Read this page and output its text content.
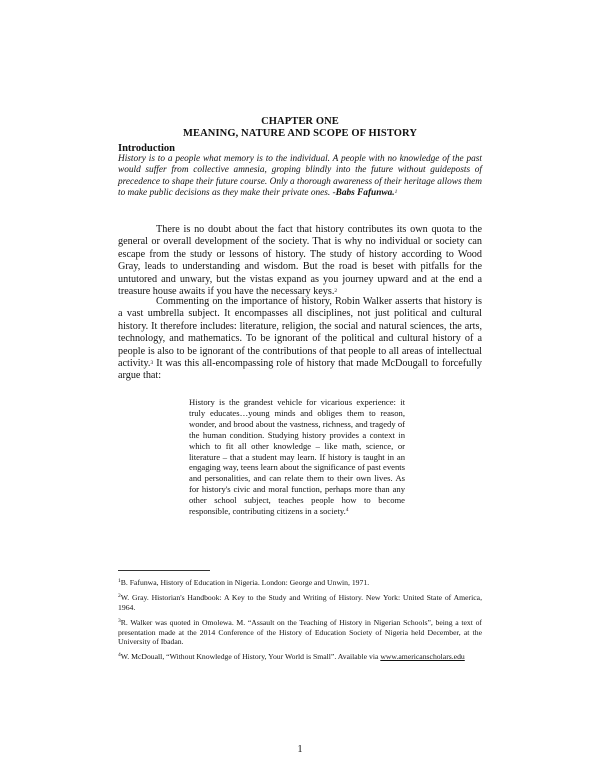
CHAPTER ONE
MEANING, NATURE AND SCOPE OF HISTORY
Introduction
History is to a people what memory is to the individual. A people with no knowledge of the past would suffer from collective amnesia, groping blindly into the future without guideposts of precedence to shape their future course. Only a thorough awareness of their heritage allows them to make public decisions as they make their private ones. -Babs Fafunwa.$^1$
There is no doubt about the fact that history contributes its own quota to the general or overall development of the society. That is why no individual or society can escape from the study or lessons of history. The study of history according to Wood Gray, leads to understanding and wisdom. But the road is beset with pitfalls for the untutored and unwary, but the vistas expand as you journey upward and at the end a treasure house awaits if you have the necessary keys.$^2$
Commenting on the importance of history, Robin Walker asserts that history is a vast umbrella subject. It encompasses all disciplines, not just political and cultural history. It therefore includes: literature, religion, the social and natural sciences, the arts, technology, and mathematics. To be ignorant of the political and cultural history of a people is also to be ignorant of the contributions of that people to all areas of intellectual activity.$^3$ It was this all-encompassing role of history that made McDougall to forcefully argue that:
History is the grandest vehicle for vicarious experience: it truly educates…young minds and obliges them to reason, wonder, and brood about the vastness, richness, and tragedy of the human condition. Studying history provides a context in which to fit all other knowledge – like math, science, or literature – that a student may learn. If history is taught in an engaging way, teens learn about the significance of past events and personalities, and can relate them to their own lives. As for history's civic and moral function, perhaps more than any other school subject, teaches people how to become responsible, contributing citizens in a society.$^4$
$^1$B. Fafunwa, History of Education in Nigeria. London: George and Unwin, 1971.
$^2$W. Gray. Historian's Handbook: A Key to the Study and Writing of History. New York: United State of America, 1964.
$^3$R. Walker was quoted in Omolewa. M. “Assault on the Teaching of History in Nigerian Schools”, being a text of presentation made at the 2014 Conference of the History of Education Society of Nigeria held December, at the University of Ibadan.
$^4$W. McDouall, “Without Knowledge of History, Your World is Small”. Available via www.americanscholars.edu
1
